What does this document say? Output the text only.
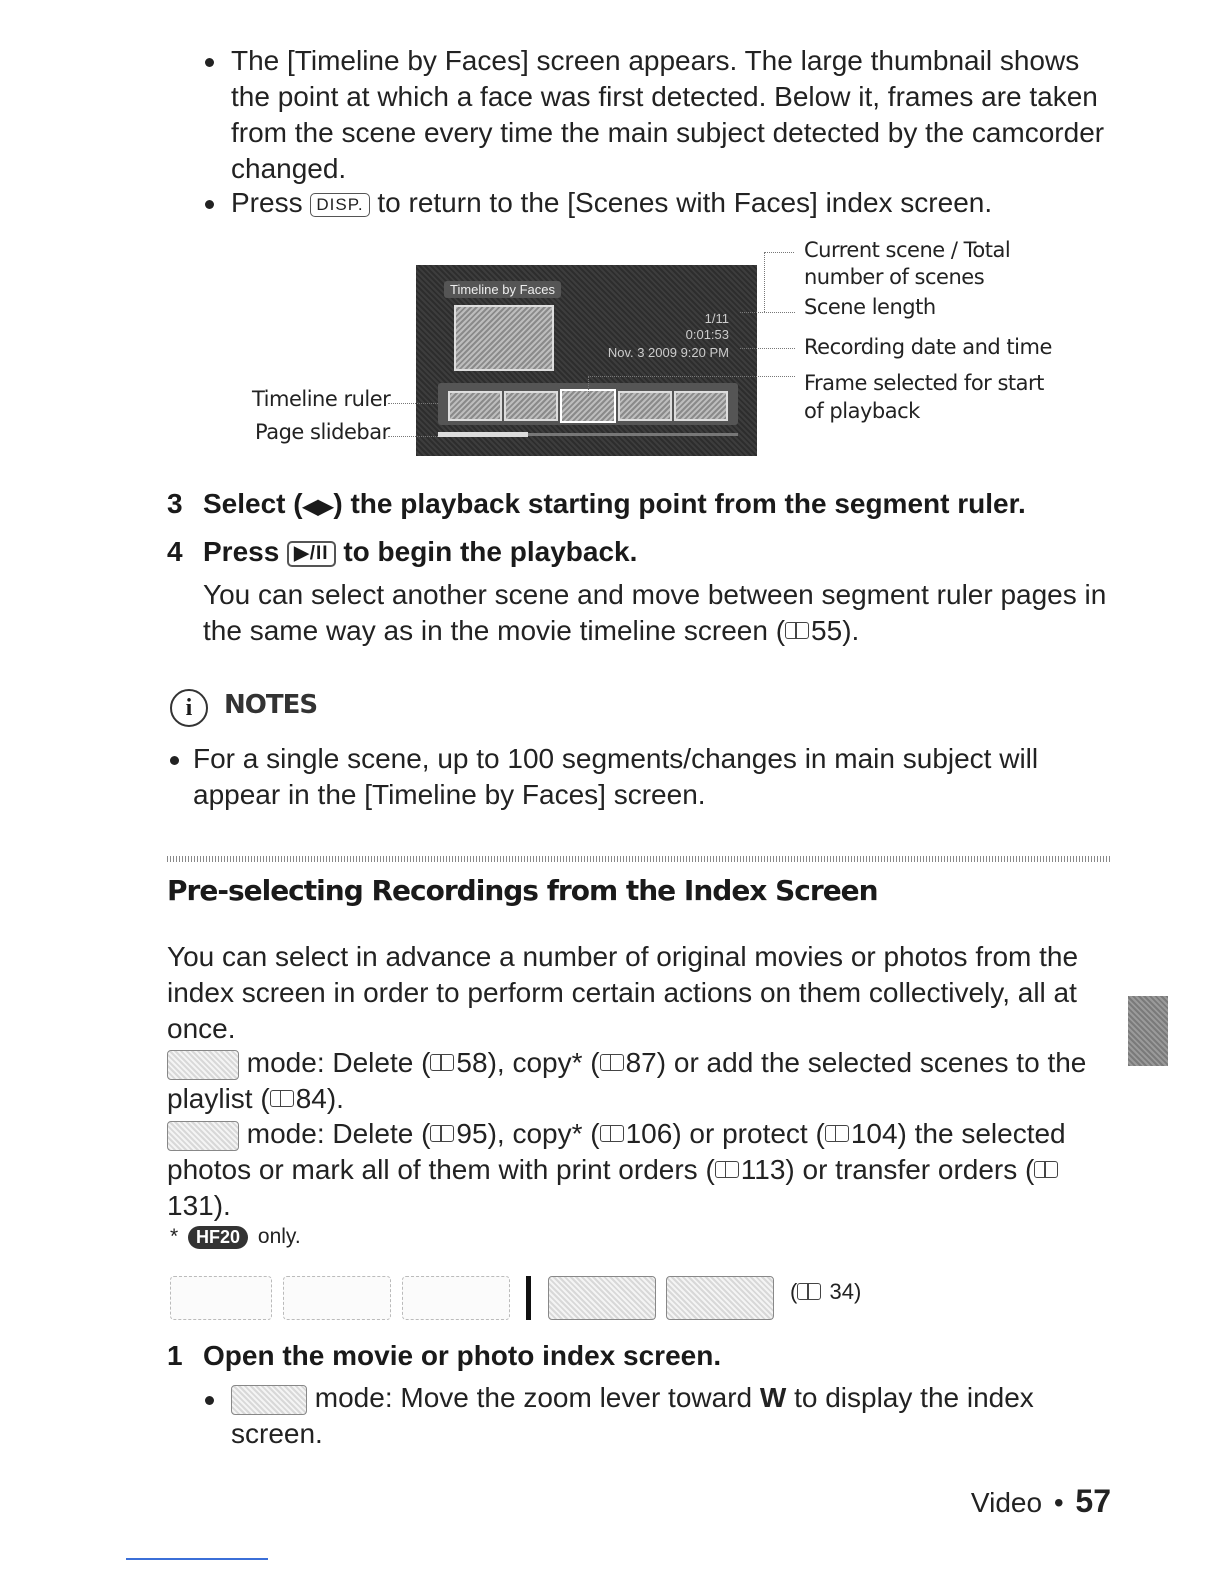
The [Timeline by Faces] screen appears. The large thumbnail shows the point at which a face was first detected. Below it, frames are taken from the scene every time the main subject detected by the camcorder changed.
Press DISP. to return to the [Scenes with Faces] index screen.
Timeline by Faces
1/11
0:01:53
Nov. 3 2009 9:20 PM
Current scene / Total number of scenes
Scene length
Recording date and time
Frame selected for start of playback
Timeline ruler
Page slidebar
3 Select (◀▶) the playback starting point from the segment ruler.
4 Press ▶/II to begin the playback.
You can select another scene and move between segment ruler pages in the same way as in the movie timeline screen ( 55).
i	NOTES
For a single scene, up to 100 segments/changes in main subject will appear in the [Timeline by Faces] screen.
Pre-selecting Recordings from the Index Screen
You can select in advance a number of original movies or photos from the index screen in order to perform certain actions on them collectively, all at once.
mode: Delete ( 58), copy* ( 87) or add the selected scenes to the playlist ( 84).
mode: Delete ( 95), copy* ( 106) or protect ( 104) the selected photos or mark all of them with print orders ( 113) or transfer orders (131).
* HF20 only.
( 34)
1 Open the movie or photo index screen.
mode: Move the zoom lever toward W to display the index screen.
Video • 57
